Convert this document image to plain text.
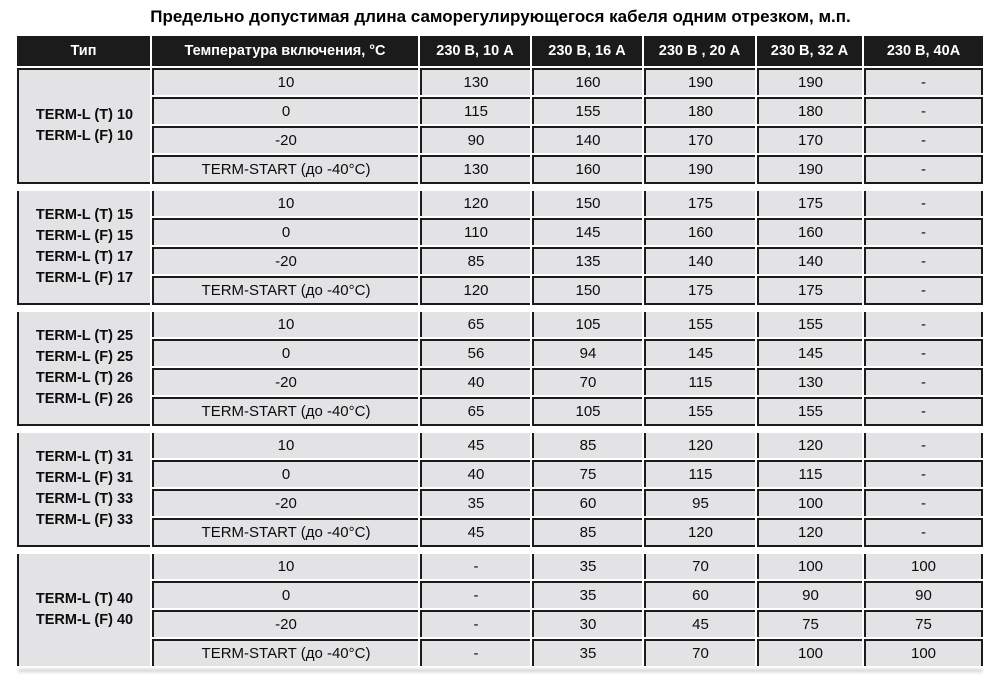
Предельно допустимая длина саморегулирующегося кабеля одним отрезком, м.п.
Тип	Температура включения, °С	230 В, 10 А	230 В, 16 А	230 В , 20 А	230 В, 32 А	230 В, 40А

TERM-L (T) 10
TERM-L (F) 10	10	130	160	190	190	-
	0	115	155	180	180	-
	-20	90	140	170	170	-
	TERM-START (до -40°C)	130	160	190	190	-

TERM-L (T) 15
TERM-L (F) 15
TERM-L (T) 17
TERM-L (F) 17	10	120	150	175	175	-
	0	110	145	160	160	-
	-20	85	135	140	140	-
	TERM-START (до -40°C)	120	150	175	175	-

TERM-L (T) 25
TERM-L (F) 25
TERM-L (T) 26
TERM-L (F) 26	10	65	105	155	155	-
	0	56	94	145	145	-
	-20	40	70	115	130	-
	TERM-START (до -40°C)	65	105	155	155	-

TERM-L (T) 31
TERM-L (F) 31
TERM-L (T) 33
TERM-L (F) 33	10	45	85	120	120	-
	0	40	75	115	115	-
	-20	35	60	95	100	-
	TERM-START (до -40°C)	45	85	120	120	-

TERM-L (T) 40
TERM-L (F) 40	10	-	35	70	100	100
	0	-	35	60	90	90
	-20	-	30	45	75	75
	TERM-START (до -40°C)	-	35	70	100	100
